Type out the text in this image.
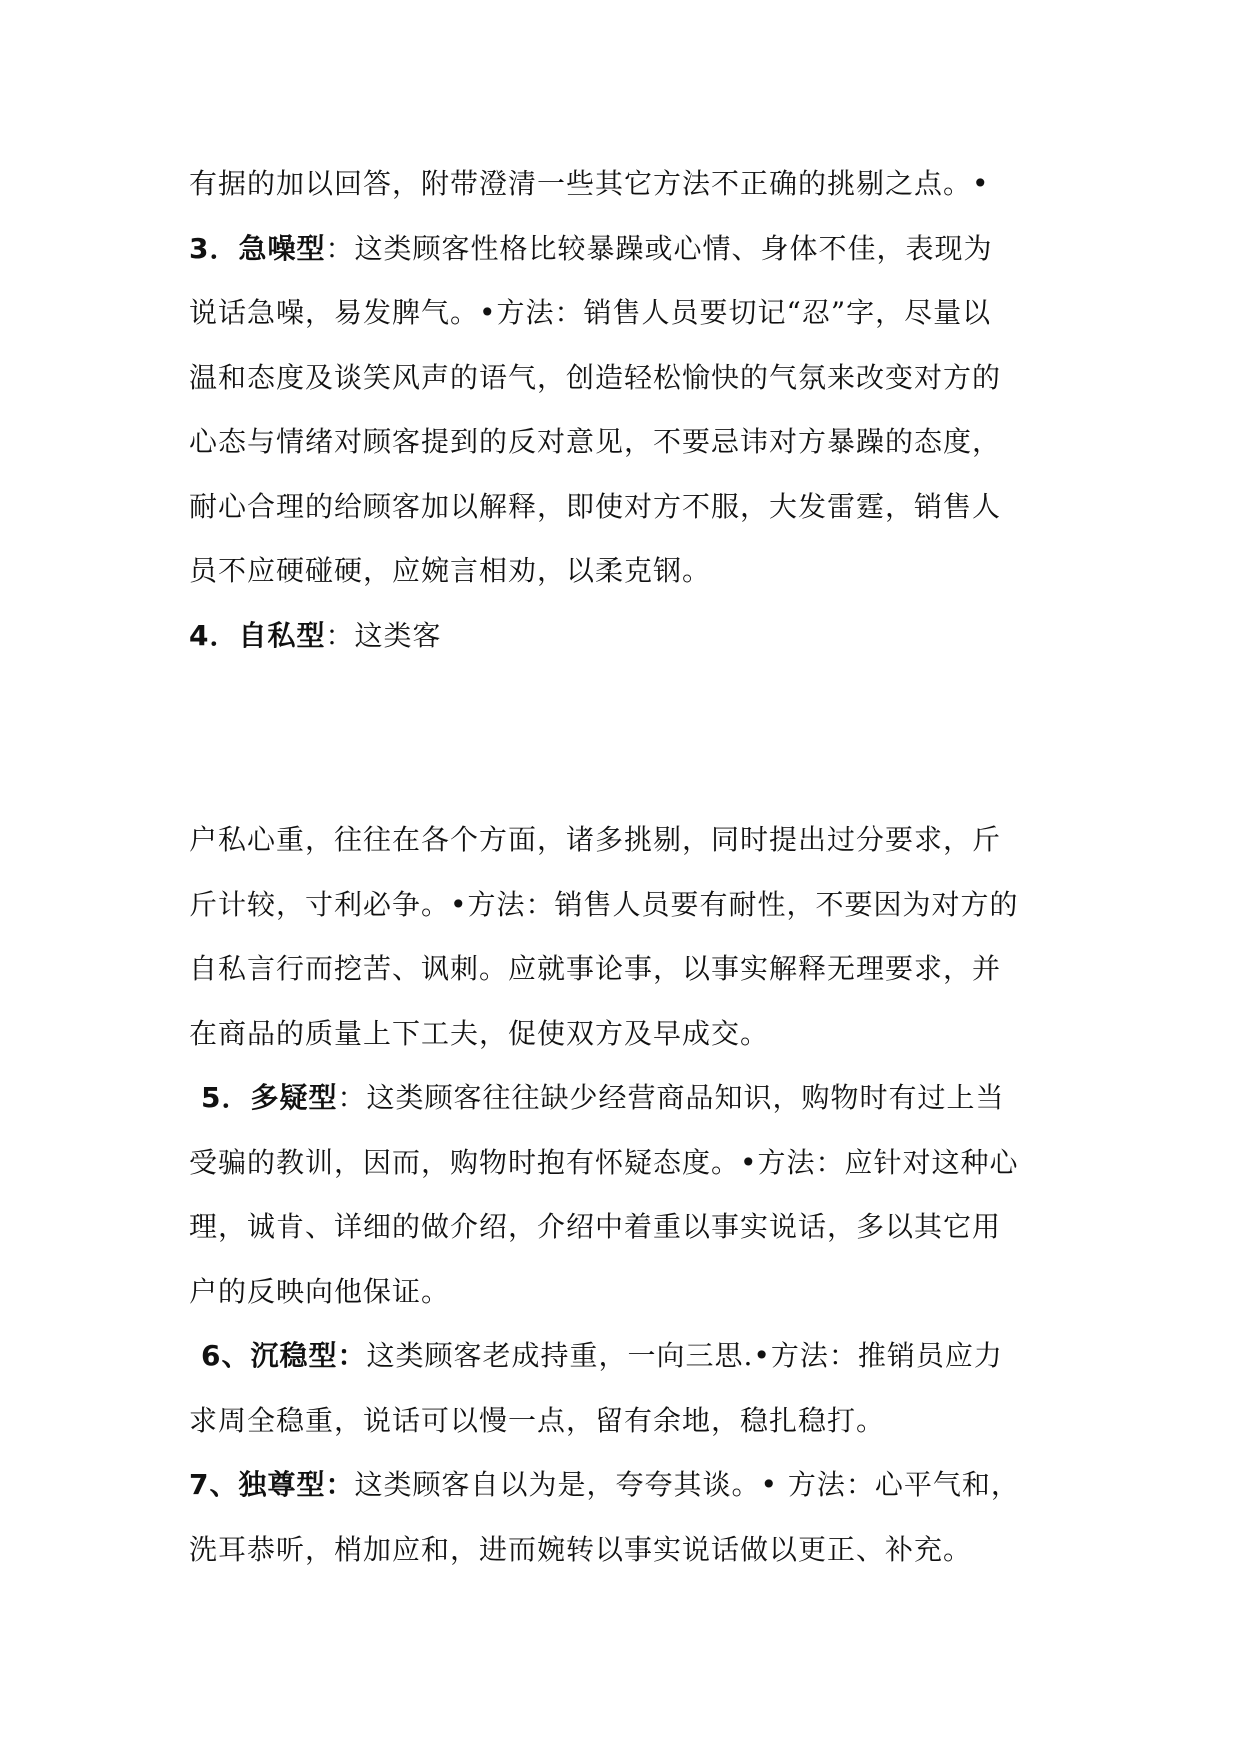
有据的加以回答，附带澄清一些其它方法不正确的挑剔之点。•
3．急噪型：这类顾客性格比较暴躁或心情、身体不佳，表现为
说话急噪，易发脾气。•方法：销售人员要切记“忍”字，尽量以
温和态度及谈笑风声的语气，创造轻松愉快的气氛来改变对方的
心态与情绪对顾客提到的反对意见，不要忌讳对方暴躁的态度，
耐心合理的给顾客加以解释，即使对方不服，大发雷霆，销售人
员不应硬碰硬，应婉言相劝，以柔克钢。
4．自私型：这类客
户私心重，往往在各个方面，诸多挑剔，同时提出过分要求，斤
斤计较，寸利必争。•方法：销售人员要有耐性，不要因为对方的
自私言行而挖苦、讽刺。应就事论事，以事实解释无理要求，并
在商品的质量上下工夫，促使双方及早成交。
5．多疑型：这类顾客往往缺少经营商品知识，购物时有过上当
受骗的教训，因而，购物时抱有怀疑态度。•方法：应针对这种心
理，诚肯、详细的做介绍，介绍中着重以事实说话，多以其它用
户的反映向他保证。
6、沉稳型：这类顾客老成持重，一向三思.•方法：推销员应力
求周全稳重，说话可以慢一点，留有余地，稳扎稳打。
7、独尊型：这类顾客自以为是，夸夸其谈。• 方法：心平气和，
洗耳恭听，梢加应和，进而婉转以事实说话做以更正、补充。
